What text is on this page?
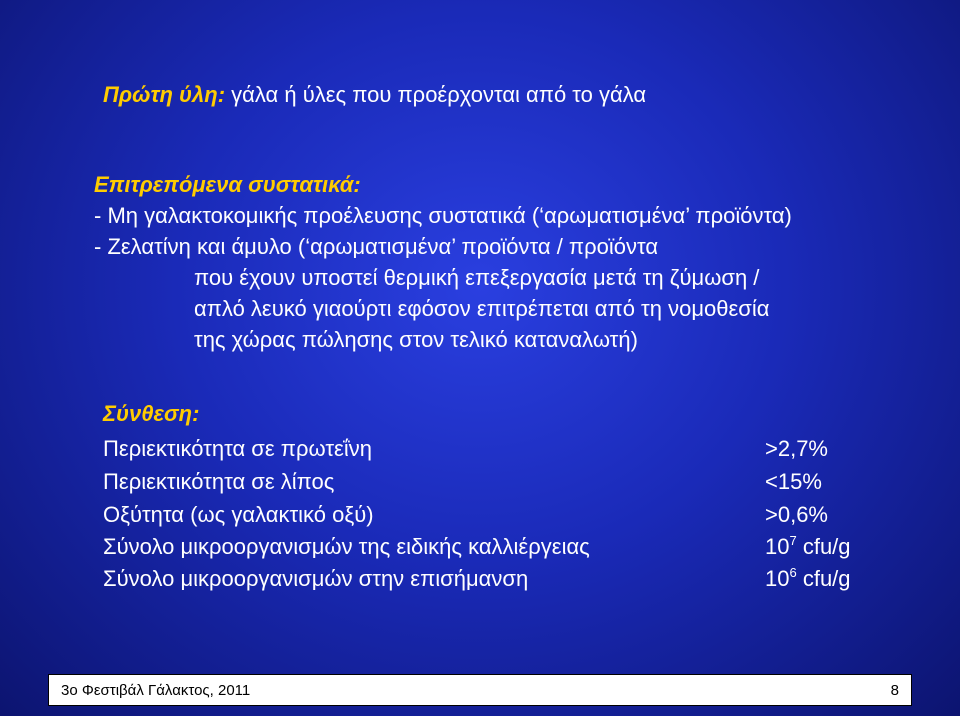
Πρώτη ύλη: γάλα ή ύλες που προέρχονται από το γάλα
Επιτρεπόμενα συστατικά:
- Μη γαλακτοκομικής προέλευσης συστατικά (‘αρωματισμένα’ προϊόντα)
- Ζελατίνη και άμυλο (‘αρωματισμένα’ προϊόντα / προϊόντα
που έχουν υποστεί θερμική επεξεργασία μετά τη ζύμωση /
απλό λευκό γιαούρτι εφόσον επιτρέπεται από τη νομοθεσία
της χώρας πώλησης στον τελικό καταναλωτή)
Σύνθεση:
Περιεκτικότητα σε πρωτεΐνη	>2,7%
Περιεκτικότητα σε λίπος	<15%
Οξύτητα (ως γαλακτικό οξύ)	>0,6%
Σύνολο μικροοργανισμών της ειδικής καλλιέργειας	$10^7$ cfu/g
Σύνολο μικροοργανισμών στην επισήμανση	$10^6$ cfu/g
3ο Φεστιβάλ Γάλακτος, 2011	8
